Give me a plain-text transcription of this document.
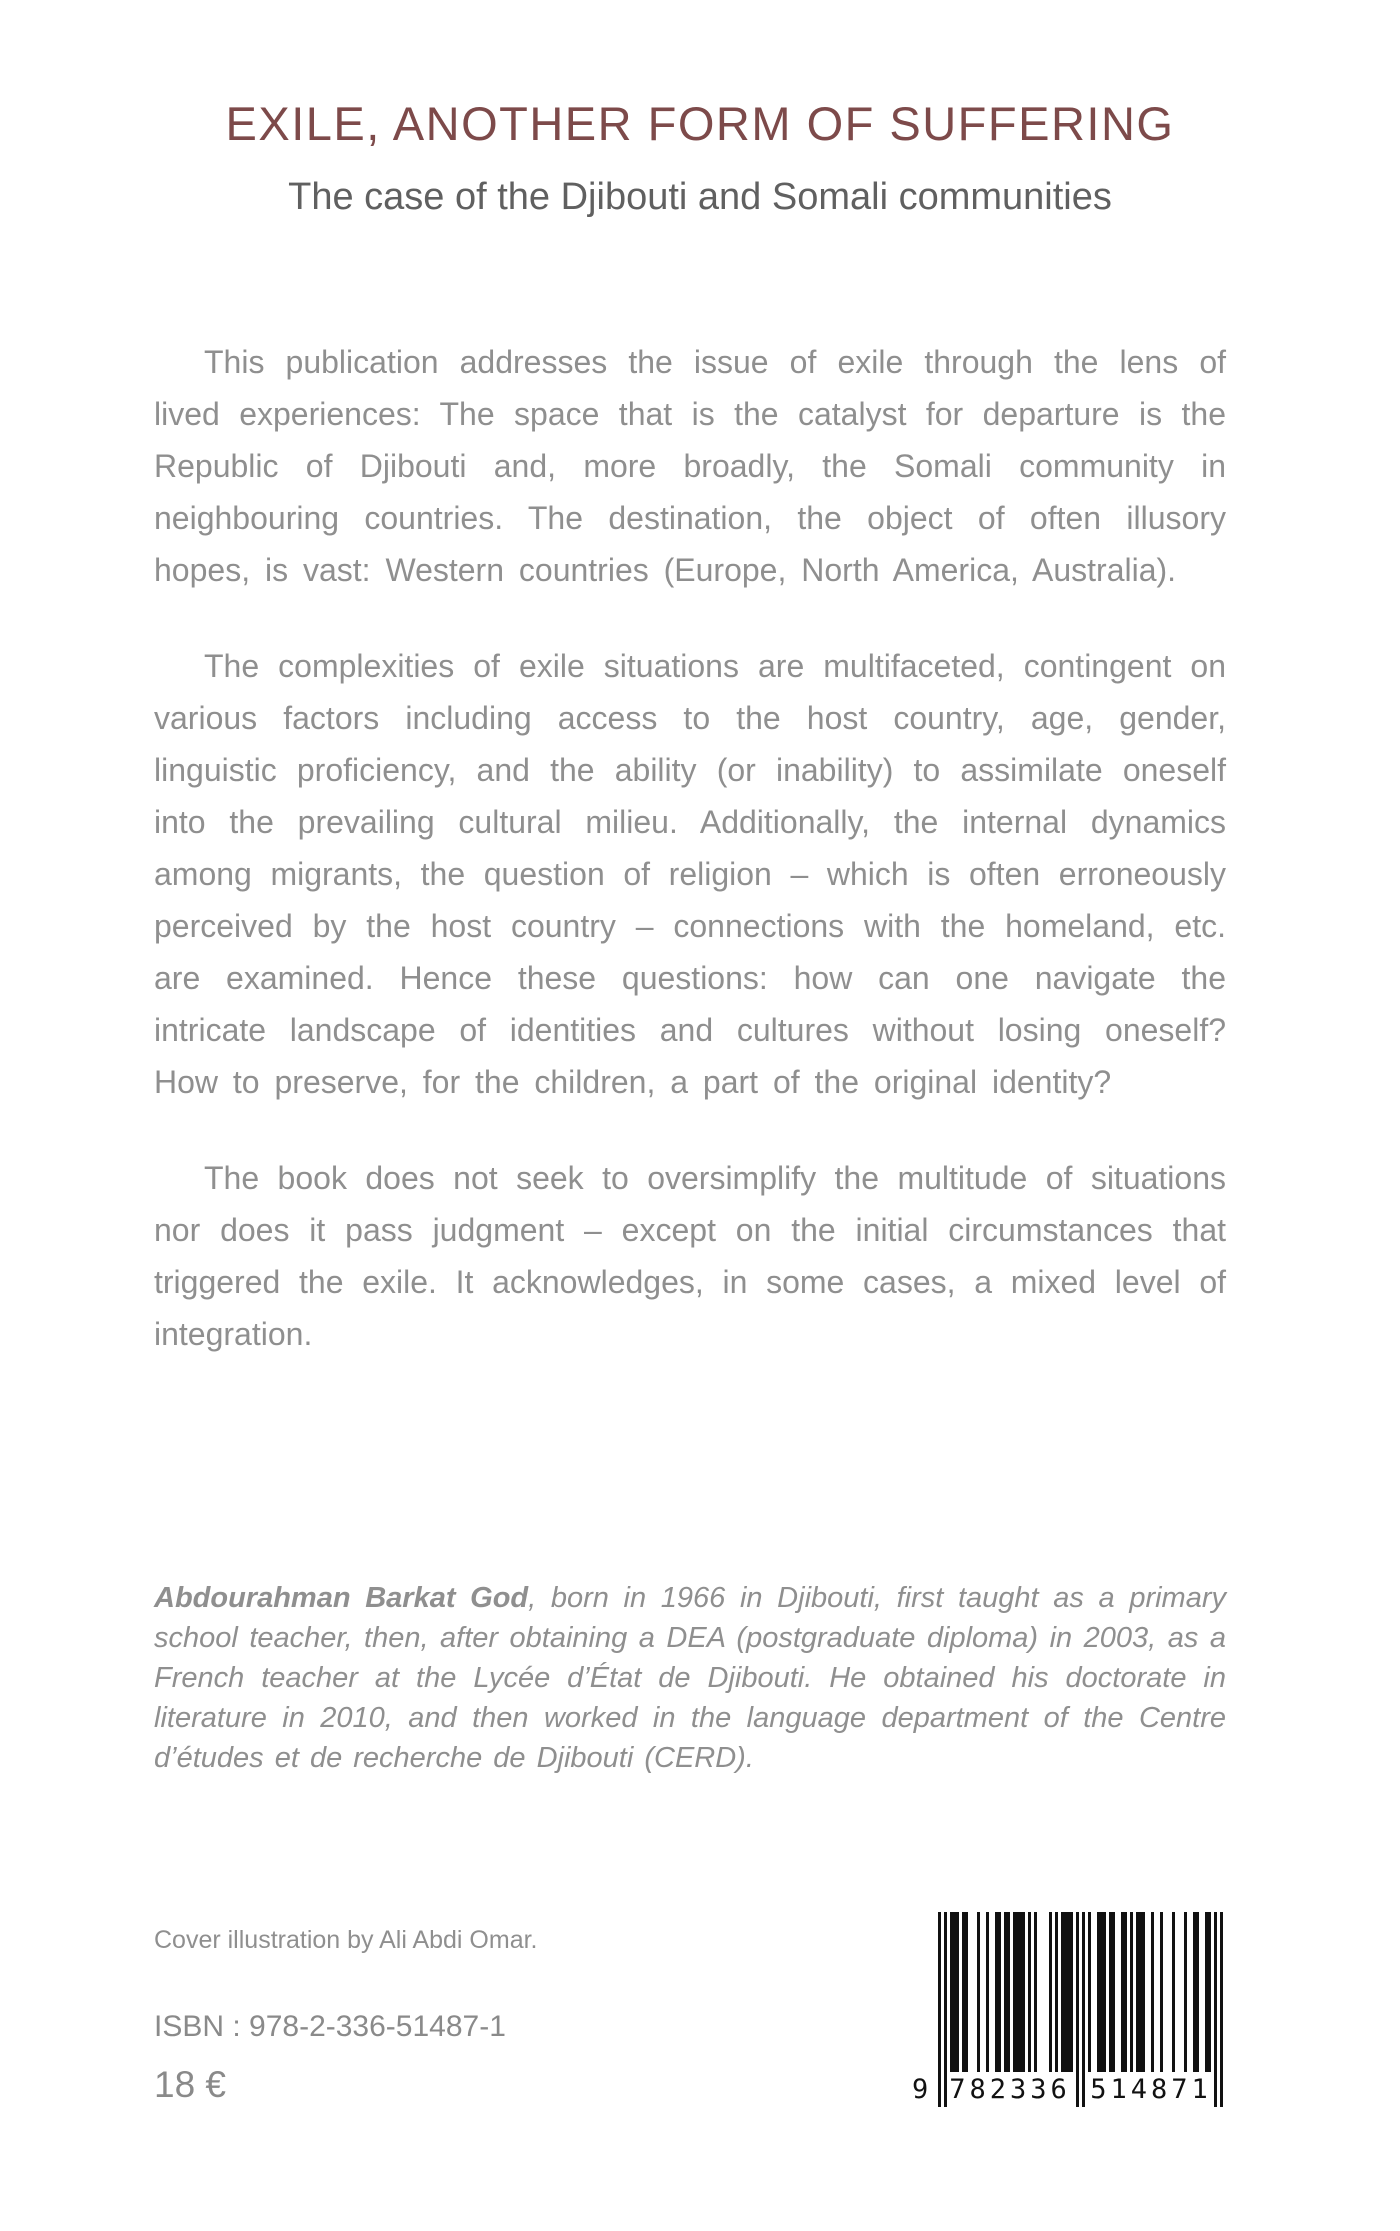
EXILE, ANOTHER FORM OF SUFFERING
The case of the Djibouti and Somali communities

This publication addresses the issue of exile through the lens of lived experiences: The space that is the catalyst for departure is the Republic of Djibouti and, more broadly, the Somali community in neighbouring countries. The destination, the object of often illusory hopes, is vast: Western countries (Europe, North America, Australia).

The complexities of exile situations are multifaceted, contingent on various factors including access to the host country, age, gender, linguistic proficiency, and the ability (or inability) to assimilate oneself into the prevailing cultural milieu. Additionally, the internal dynamics among migrants, the question of religion – which is often erroneously perceived by the host country – connections with the homeland, etc. are examined. Hence these questions: how can one navigate the intricate landscape of identities and cultures without losing oneself? How to preserve, for the children, a part of the original identity?

The book does not seek to oversimplify the multitude of situations nor does it pass judgment – except on the initial circumstances that triggered the exile. It acknowledges, in some cases, a mixed level of integration.

Abdourahman Barkat God, born in 1966 in Djibouti, first taught as a primary school teacher, then, after obtaining a DEA (postgraduate diploma) in 2003, as a French teacher at the Lycée d’État de Djibouti. He obtained his doctorate in literature in 2010, and then worked in the language department of the Centre d’études et de recherche de Djibouti (CERD).

Cover illustration by Ali Abdi Omar.
ISBN : 978-2-336-51487-1
18 €	9 782336 514871
